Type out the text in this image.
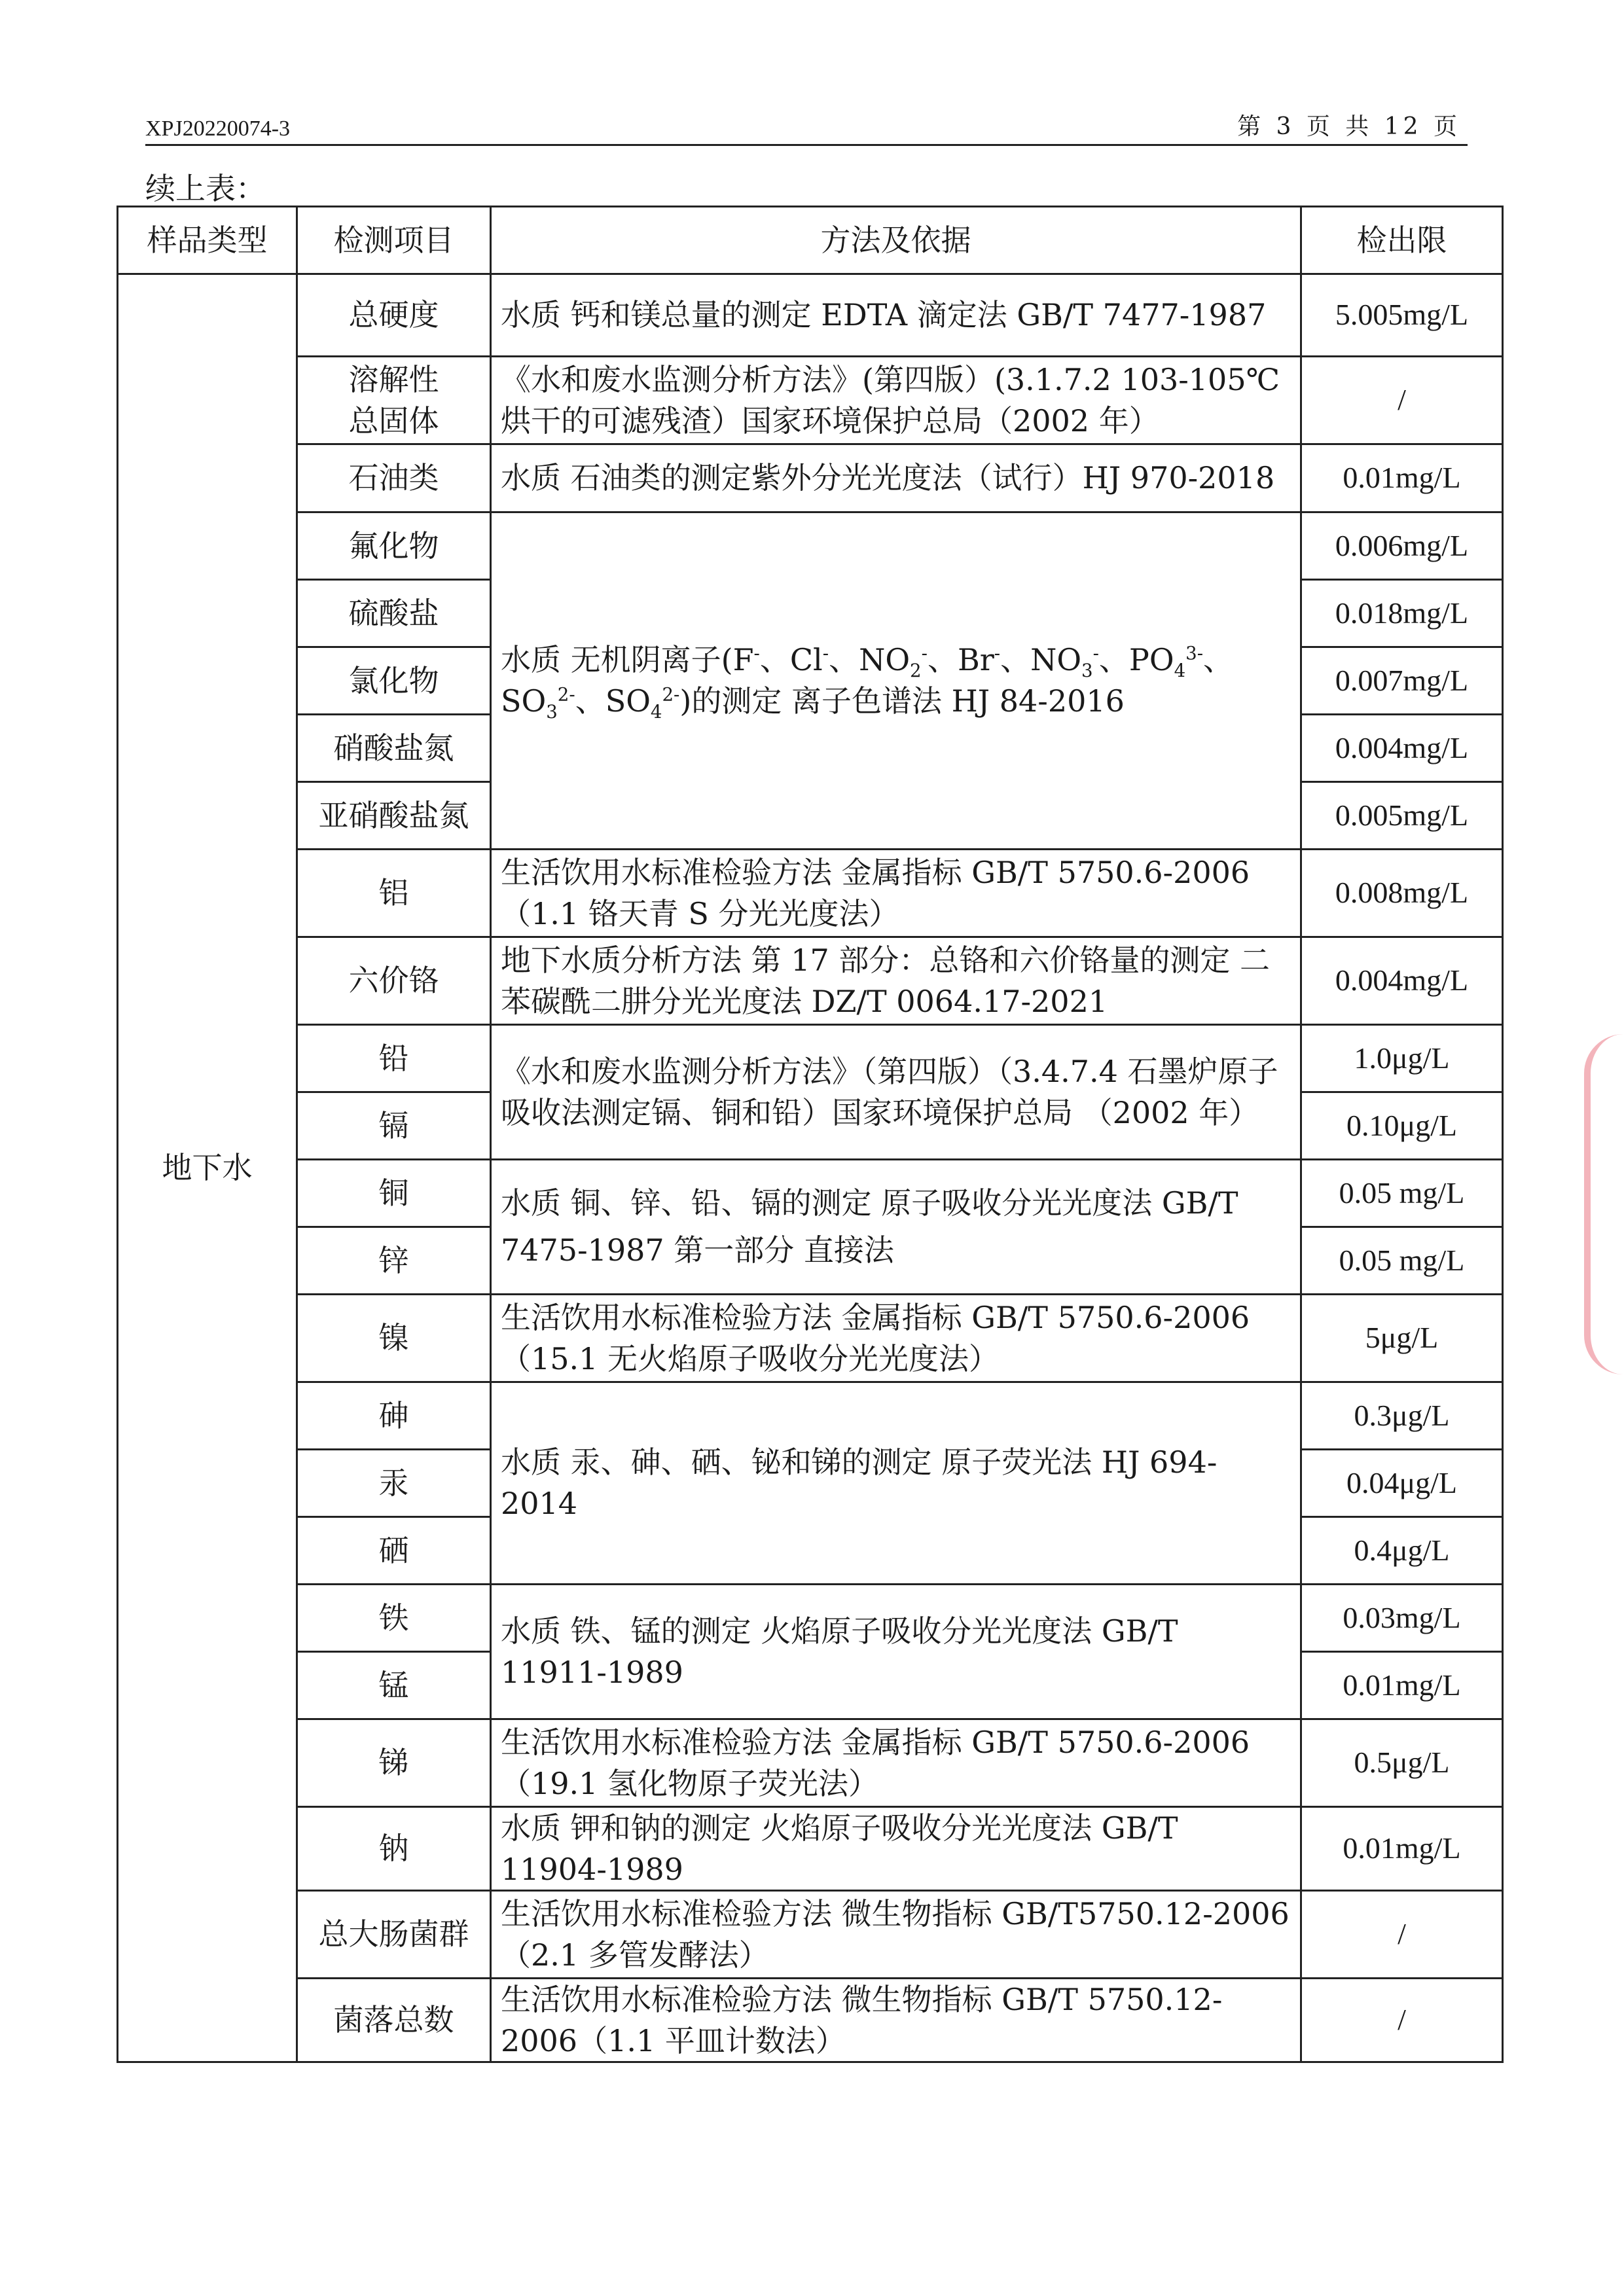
XPJ20220074-3	第 3 页 共 12 页
续上表：
样品类型	检测项目	方法及依据	检出限
地下水	总硬度	水质 钙和镁总量的测定 EDTA 滴定法 GB/T 7477-1987	5.005mg/L
	溶解性总固体	《水和废水监测分析方法》(第四版）(3.1.7.2 103-105℃烘干的可滤残渣）国家环境保护总局（2002 年）	/
	石油类	水质 石油类的测定紫外分光光度法（试行）HJ 970-2018	0.01mg/L
	氟化物	水质 无机阴离子(F-、Cl-、$NO_2^-$、Br-、$NO_3^-$、$PO_4^{3-}$、$SO_3^{2-}$、$SO_4^{2-}$)的测定 离子色谱法 HJ 84-2016	0.006mg/L
	硫酸盐		0.018mg/L
	氯化物		0.007mg/L
	硝酸盐氮		0.004mg/L
	亚硝酸盐氮		0.005mg/L
	铝	生活饮用水标准检验方法 金属指标 GB/T 5750.6-2006（1.1 铬天青 S 分光光度法）	0.008mg/L
	六价铬	地下水质分析方法 第 17 部分：总铬和六价铬量的测定 二苯碳酰二肼分光光度法 DZ/T 0064.17-2021	0.004mg/L
	铅	《水和废水监测分析方法》（第四版）（3.4.7.4 石墨炉原子吸收法测定镉、铜和铅）国家环境保护总局 （2002 年）	1.0μg/L
	镉		0.10μg/L
	铜	水质 铜、锌、铅、镉的测定 原子吸收分光光度法 GB/T 7475-1987 第一部分 直接法	0.05 mg/L
	锌		0.05 mg/L
	镍	生活饮用水标准检验方法 金属指标 GB/T 5750.6-2006（15.1 无火焰原子吸收分光光度法）	5μg/L
	砷	水质 汞、砷、硒、铋和锑的测定 原子荧光法 HJ 694-2014	0.3μg/L
	汞		0.04μg/L
	硒		0.4μg/L
	铁	水质 铁、锰的测定 火焰原子吸收分光光度法 GB/T 11911-1989	0.03mg/L
	锰		0.01mg/L
	锑	生活饮用水标准检验方法 金属指标 GB/T 5750.6-2006（19.1 氢化物原子荧光法）	0.5μg/L
	钠	水质 钾和钠的测定 火焰原子吸收分光光度法 GB/T 11904-1989	0.01mg/L
	总大肠菌群	生活饮用水标准检验方法 微生物指标 GB/T5750.12-2006（2.1 多管发酵法）	/
	菌落总数	生活饮用水标准检验方法 微生物指标 GB/T 5750.12-2006（1.1 平皿计数法）	/
